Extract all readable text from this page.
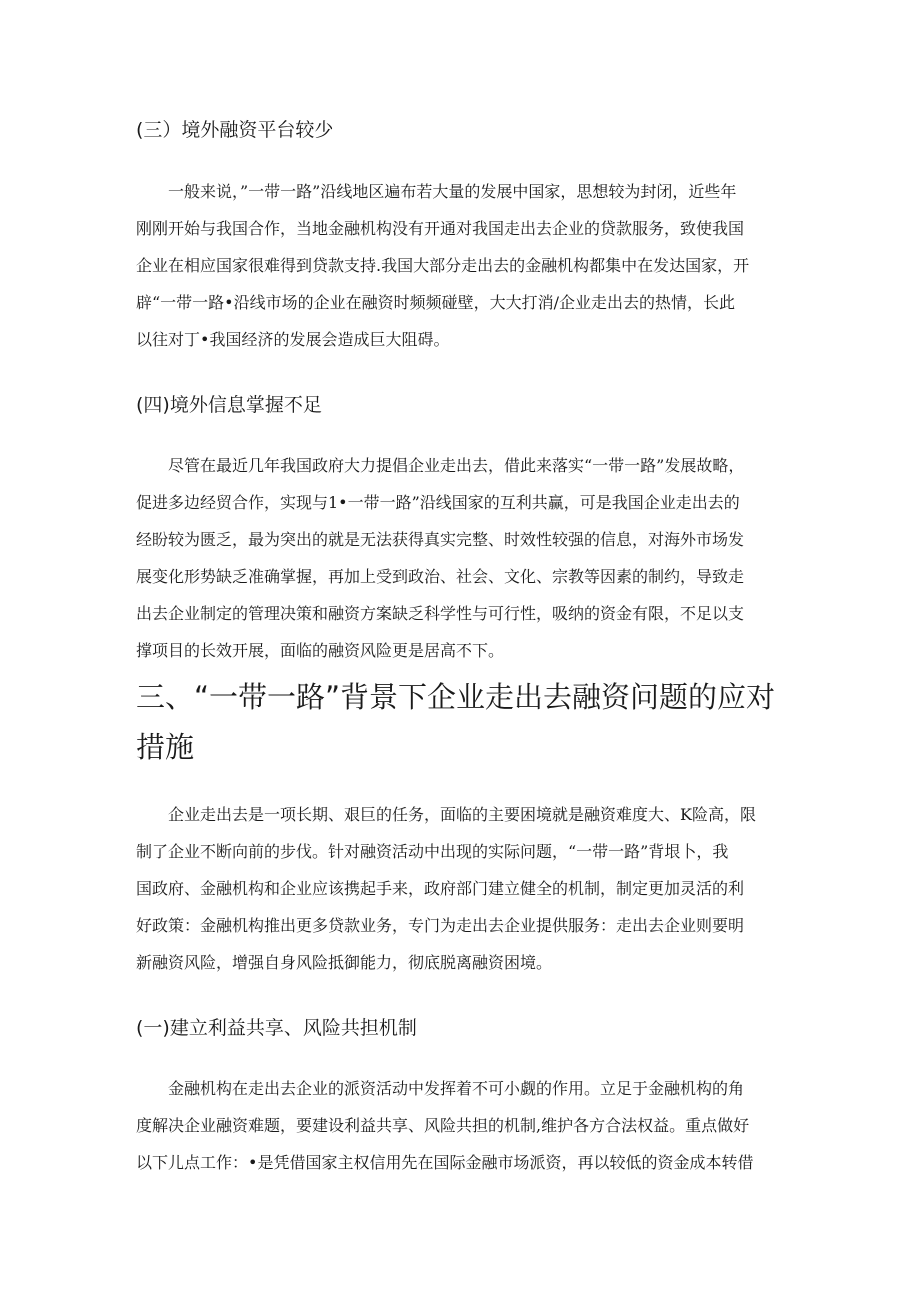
(三）境外融资平台较少
　　一般来说，”一带一路”沿线地区遍布若大量的发展中国家，思想较为封闭，近些年
刚刚开始与我国合作，当地金融机构没有开通对我国走出去企业的贷款服务，致使我国
企业在相应国家很难得到贷款支持.我国大部分走出去的金融机构都集中在发达国家，开
辟“一带一路•沿线市场的企业在融资时频频碰壁，大大打消/企业走出去的热情，长此
以往对丁•我国经济的发展会造成巨大阻碍。
(四)境外信息掌握不足
　　尽管在最近几年我国政府大力提倡企业走出去，借此来落实“一带一路”发展故略，
促进多边经贸合作，实现与1•一带一路”沿线国家的互利共赢，可是我国企业走出去的
经盼较为匮乏，最为突出的就是无法获得真实完整、时效性较强的信息，对海外市场发
展变化形势缺乏准确掌握，再加上受到政治、社会、文化、宗教等因素的制约，导致走
出去企业制定的管理决策和融资方案缺乏科学性与可行性，吸纳的资金有限，不足以支
撑项目的长效开展，面临的融资风险更是居高不下。
三、“一带一路”背景下企业走出去融资问题的应对
措施
　　企业走出去是一项长期、艰巨的任务，面临的主要困境就是融资难度大、K险高，限
制了企业不断向前的步伐。针对融资活动中出现的实际问题，“一带一路”背垠卜，我
国政府、金融机构和企业应该携起手来，政府部门建立健全的机制，制定更加灵活的利
好政策：金融机构推出更多贷款业务，专门为走出去企业提供服务：走出去企业则要明
新融资风险，增强自身风险抵御能力，彻底脱离融资困境。
(一)建立利益共享、风险共担机制
　　金融机构在走出去企业的派资活动中发挥着不可小觑的作用。立足于金融机构的角
度解决企业融资难题，要建设利益共享、风险共担的机制,维护各方合法权益。重点做好
以下儿点工作：•是凭借国家主权信用先在国际金融市场派资，再以较低的资金成本转借
